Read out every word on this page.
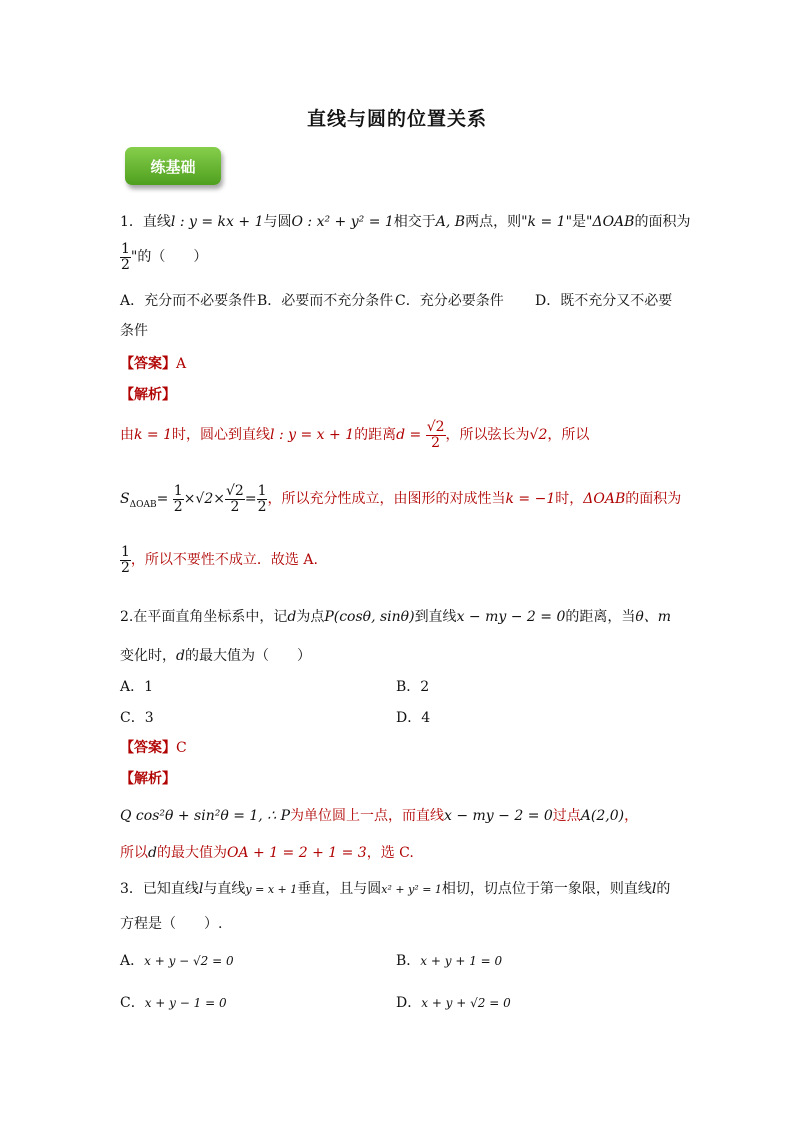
直线与圆的位置关系
练基础
1．直线l : y = kx + 1与圆O : x² + y² = 1相交于A, B两点，则"k = 1"是"ΔOAB的面积为
$\frac{1}{2}$ "的（　　）
A．充分而不必要条件 B．必要而不充分条件 C．充分必要条件 D．既不充分又不必要
条件
【答案】A
【解析】
由k = 1时，圆心到直线l : y = x + 1的距离$d = \frac{√2}{2}$ ，所以弦长为√2，所以
$S_{\Delta OAB}= \frac{1}{2} \times√2\times \frac{√2}{2} = \frac{1}{2}$ ，所以充分性成立，由图形的对成性当k = −1时，ΔOAB的面积为
$\frac{1}{2}$ ，所以不要性不成立．故选 A.
2.在平面直角坐标系中，记d为点P(cosθ, sinθ)到直线x − my − 2 = 0的距离，当θ、m
变化时，d的最大值为（　　）
A．1	B．2
C．3	D．4
【答案】C
【解析】
Q cos²θ + sin²θ = 1, ∴ P为单位圆上一点，而直线x − my − 2 = 0过点A(2,0)，
所以d的最大值为OA + 1 = 2 + 1 = 3，选 C.
3．已知直线l与直线y = x + 1垂直，且与圆x² + y² = 1相切，切点位于第一象限，则直线l的
方程是（　　）.
A．x + y − √2 = 0	B．x + y + 1 = 0
C．x + y − 1 = 0	D．x + y + √2 = 0
